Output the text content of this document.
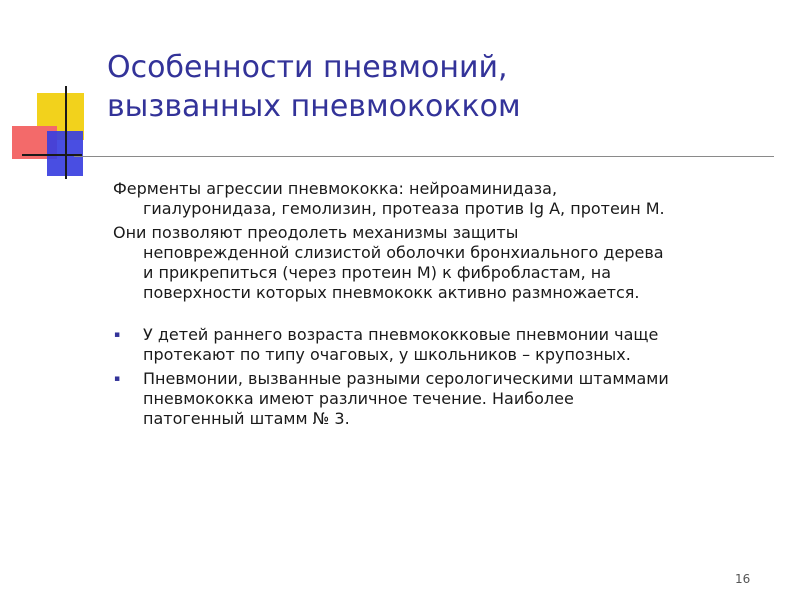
Особенности пневмоний,
вызванных пневмококком

Ферменты агрессии пневмококка: нейроаминидаза,
гиалуронидаза, гемолизин, протеаза против Ig A, протеин М.

Они позволяют преодолеть механизмы защиты
неповрежденной слизистой оболочки бронхиального дерева
и прикрепиться (через протеин М) к фибробластам, на
поверхности которых пневмококк активно размножается.

▪ У детей раннего возраста пневмококковые пневмонии чаще
протекают по типу очаговых, у школьников – крупозных.
▪ Пневмонии, вызванные разными серологическими штаммами
пневмококка имеют различное течение. Наиболее
патогенный штамм № 3.
16
